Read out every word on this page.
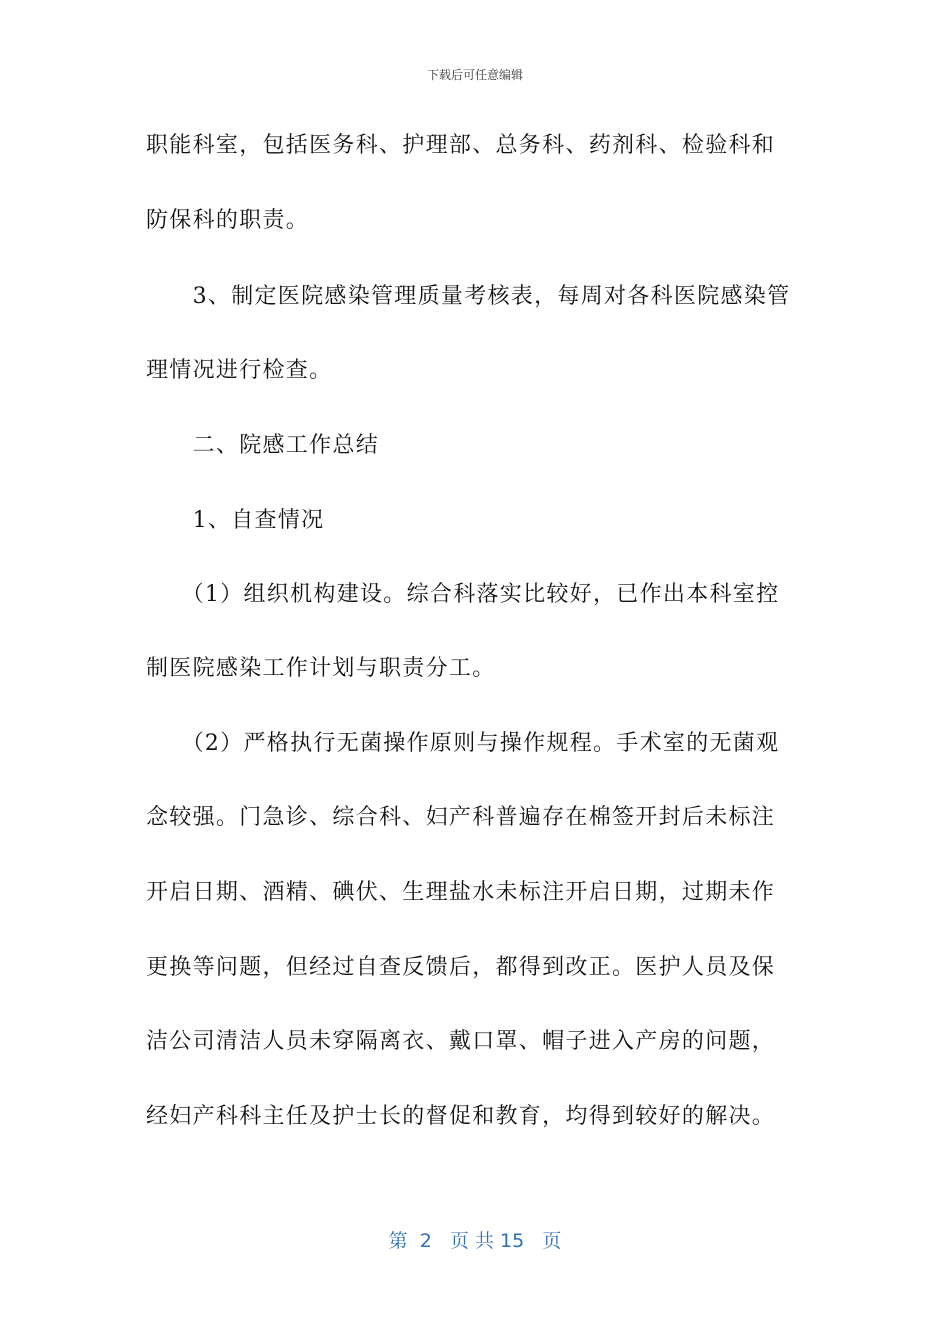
下载后可任意编辑
职能科室，包括医务科、护理部、总务科、药剂科、检验科和
防保科的职责。
　　3、制定医院感染管理质量考核表，每周对各科医院感染管
理情况进行检查。
　　二、院感工作总结
　　1、自查情况
　　（1）组织机构建设。综合科落实比较好，已作出本科室控
制医院感染工作计划与职责分工。
　　（2）严格执行无菌操作原则与操作规程。手术室的无菌观
念较强。门急诊、综合科、妇产科普遍存在棉签开封后未标注
开启日期、酒精、碘伏、生理盐水未标注开启日期，过期未作
更换等问题，但经过自查反馈后，都得到改正。医护人员及保
洁公司清洁人员未穿隔离衣、戴口罩、帽子进入产房的问题，
经妇产科科主任及护士长的督促和教育，均得到较好的解决。
第  2   页 共 15   页
